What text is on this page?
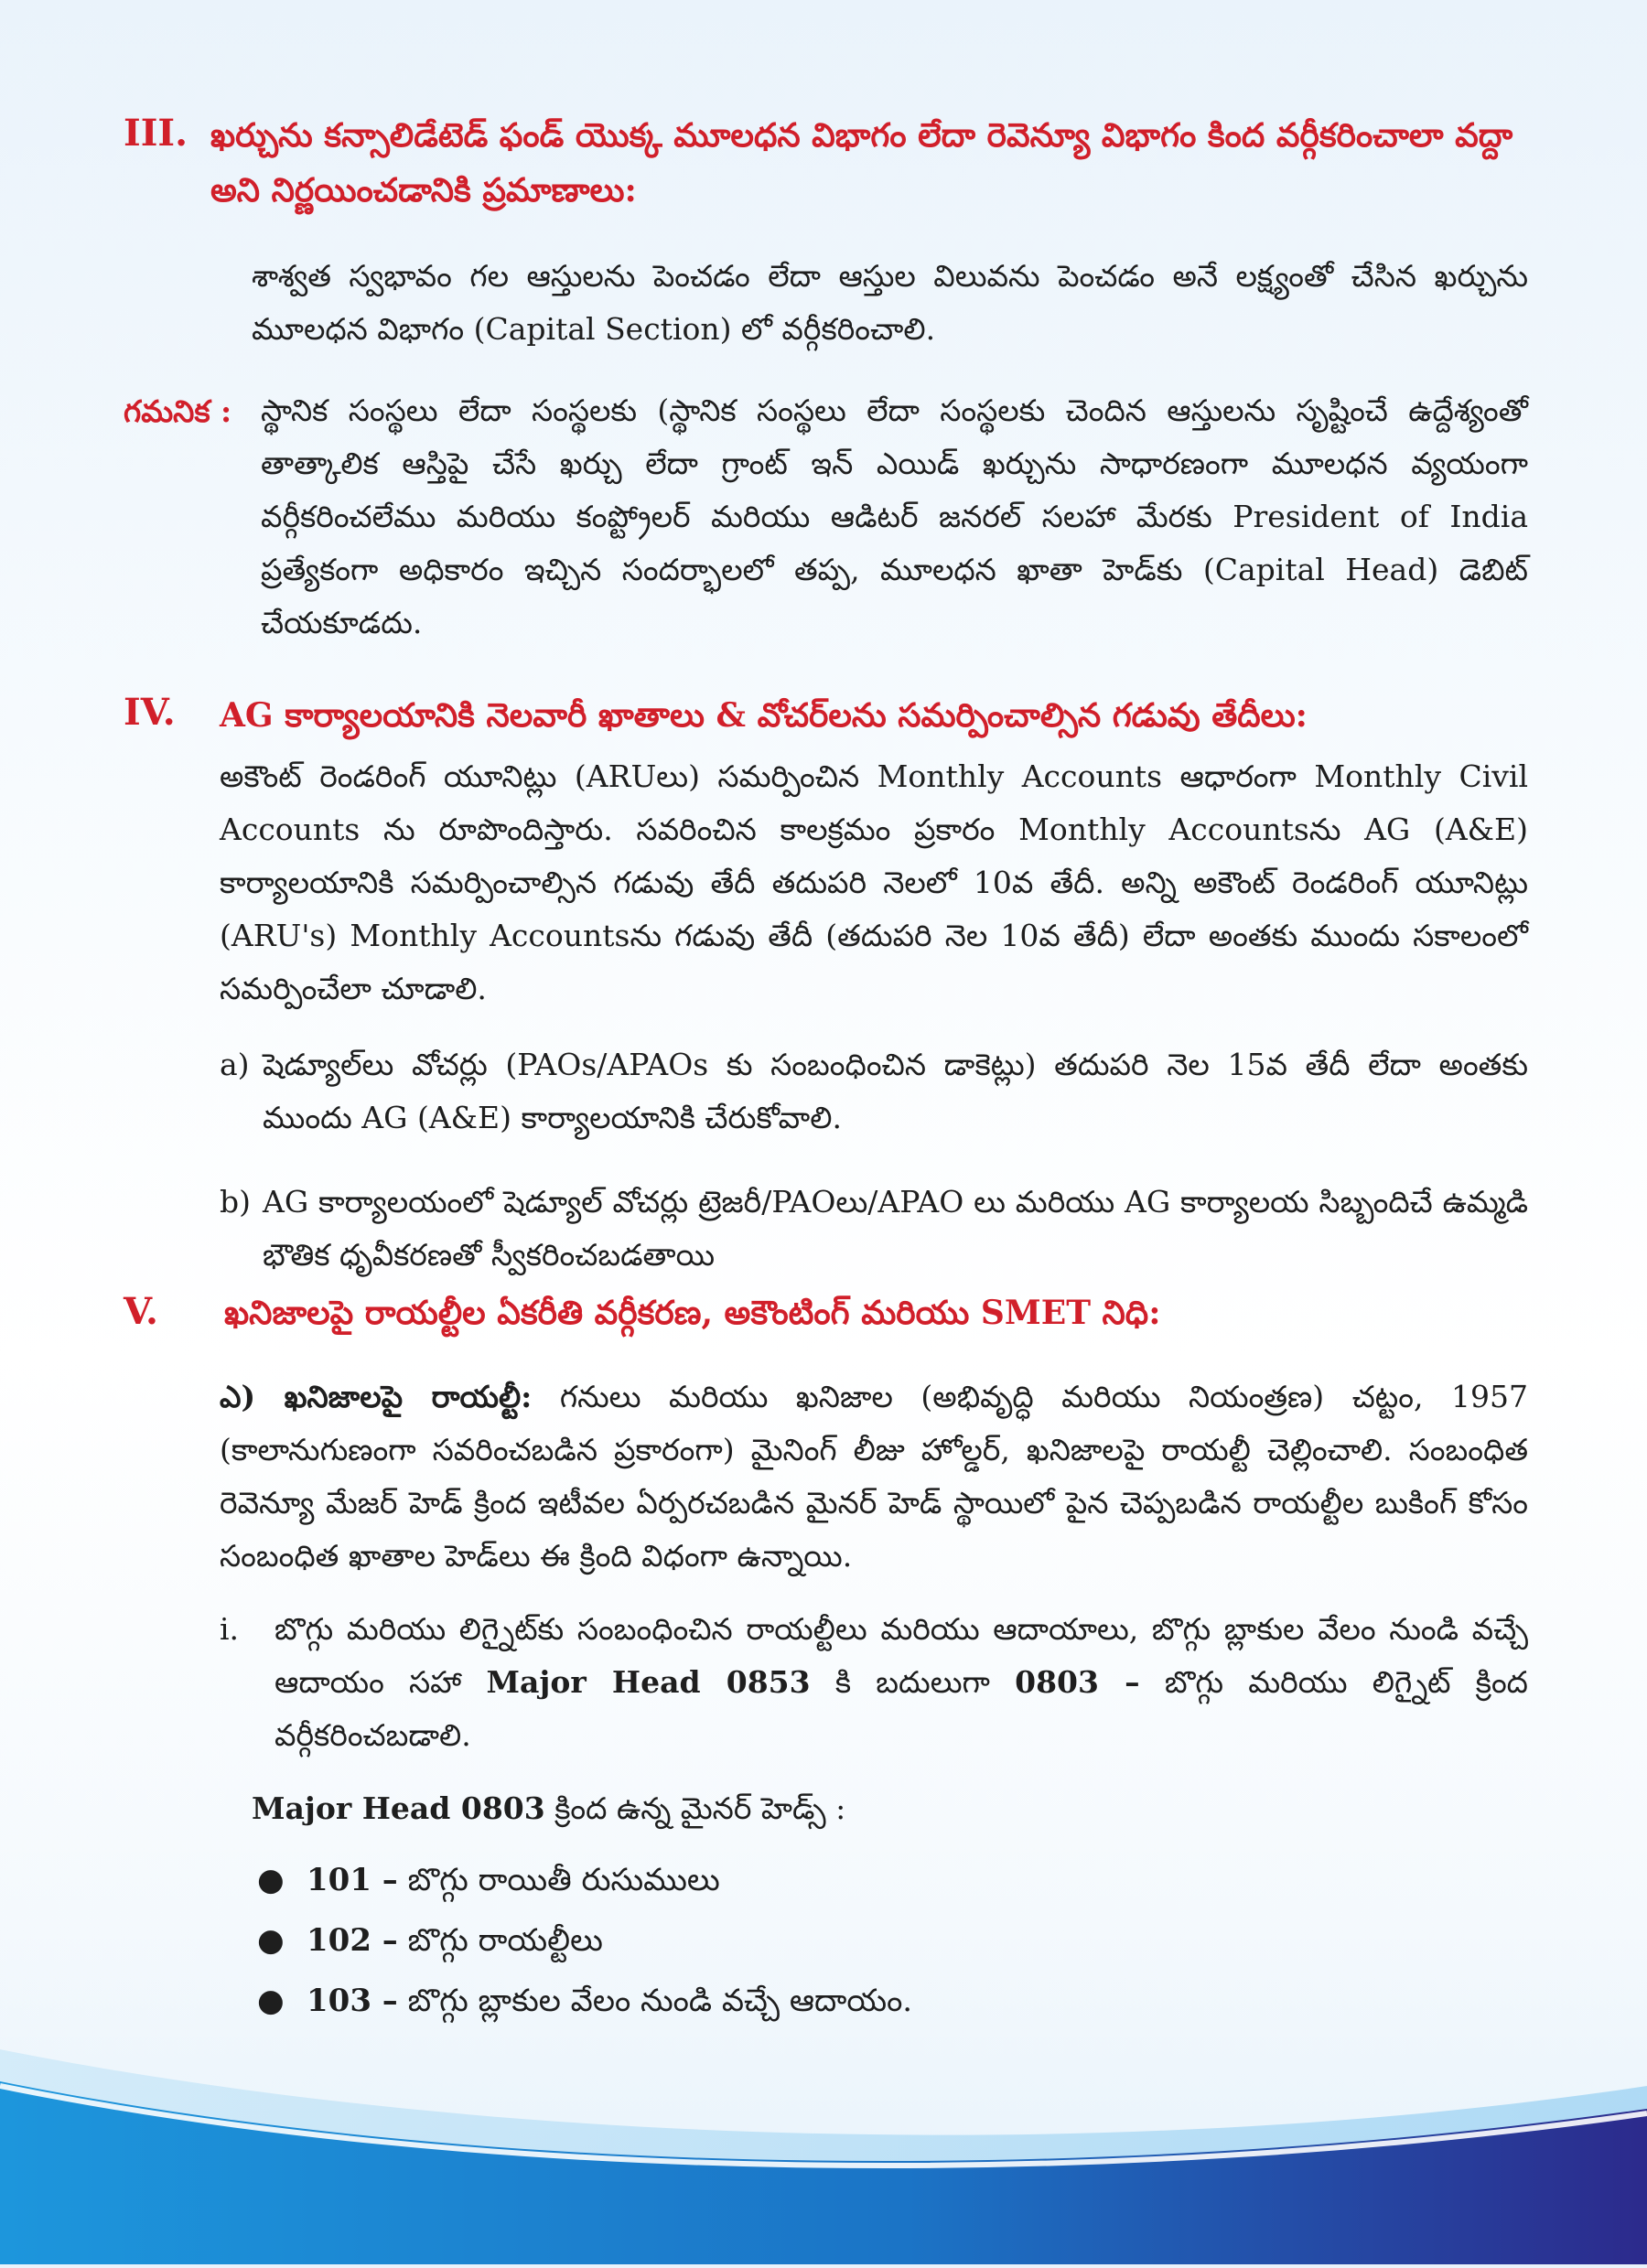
III. ఖర్చును కన్సాలిడేటెడ్ ఫండ్ యొక్క మూలధన విభాగం లేదా రెవెన్యూ విభాగం కింద వర్గీకరించాలా వద్దా అని నిర్ణయించడానికి ప్రమాణాలు:
శాశ్వత స్వభావం గల ఆస్తులను పెంచడం లేదా ఆస్తుల విలువను పెంచడం అనే లక్ష్యంతో చేసిన ఖర్చును మూలధన విభాగం (Capital Section) లో వర్గీకరించాలి.
గమనిక : స్థానిక సంస్థలు లేదా సంస్థలకు (స్థానిక సంస్థలు లేదా సంస్థలకు చెందిన ఆస్తులను సృష్టించే ఉద్దేశ్యంతో తాత్కాలిక ఆస్తిపై చేసే ఖర్చు లేదా గ్రాంట్ ఇన్ ఎయిడ్ ఖర్చును సాధారణంగా మూలధన వ్యయంగా వర్గీకరించలేము మరియు కంప్ట్రోలర్ మరియు ఆడిటర్ జనరల్ సలహా మేరకు President of India ప్రత్యేకంగా అధికారం ఇచ్చిన సందర్భాలలో తప్ప, మూలధన ఖాతా హెడ్‌కు (Capital Head) డెబిట్ చేయకూడదు.
IV. AG కార్యాలయానికి నెలవారీ ఖాతాలు & వోచర్‌లను సమర్పించాల్సిన గడువు తేదీలు:
అకౌంట్ రెండరింగ్ యూనిట్లు (ARUలు) సమర్పించిన Monthly Accounts ఆధారంగా Monthly Civil Accounts ను రూపొందిస్తారు. సవరించిన కాలక్రమం ప్రకారం Monthly Accountsను AG (A&E) కార్యాలయానికి సమర్పించాల్సిన గడువు తేదీ తదుపరి నెలలో 10వ తేదీ. అన్ని అకౌంట్ రెండరింగ్ యూనిట్లు (ARU's) Monthly Accountsను గడువు తేదీ (తదుపరి నెల 10వ తేదీ) లేదా అంతకు ముందు సకాలంలో సమర్పించేలా చూడాలి.
a) షెడ్యూల్‌లు వోచర్లు (PAOs/APAOs కు సంబంధించిన డాకెట్లు) తదుపరి నెల 15వ తేదీ లేదా అంతకు ముందు AG (A&E) కార్యాలయానికి చేరుకోవాలి.
b) AG కార్యాలయంలో షెడ్యూల్ వోచర్లు ట్రెజరీ/PAOలు/APAO లు మరియు AG కార్యాలయ సిబ్బందిచే ఉమ్మడి భౌతిక ధృవీకరణతో స్వీకరించబడతాయి
V. ఖనిజాలపై రాయల్టీల ఏకరీతి వర్గీకరణ, అకౌంటింగ్ మరియు SMET నిధి:
ఎ) ఖనిజాలపై రాయల్టీ: గనులు మరియు ఖనిజాల (అభివృద్ధి మరియు నియంత్రణ) చట్టం, 1957 (కాలానుగుణంగా సవరించబడిన ప్రకారంగా) మైనింగ్ లీజు హోల్డర్, ఖనిజాలపై రాయల్టీ చెల్లించాలి. సంబంధిత రెవెన్యూ మేజర్ హెడ్ క్రింద ఇటీవల ఏర్పరచబడిన మైనర్ హెడ్ స్థాయిలో పైన చెప్పబడిన రాయల్టీల బుకింగ్ కోసం సంబంధిత ఖాతాల హెడ్‌లు ఈ క్రింది విధంగా ఉన్నాయి.
i.	బొగ్గు మరియు లిగ్నైట్‌కు సంబంధించిన రాయల్టీలు మరియు ఆదాయాలు, బొగ్గు బ్లాకుల వేలం నుండి వచ్చే ఆదాయం సహా Major Head 0853 కి బదులుగా 0803 – బొగ్గు మరియు లిగ్నైట్ క్రింద వర్గీకరించబడాలి.
Major Head 0803 క్రింద ఉన్న మైనర్ హెడ్స్ :
● 101 – బొగ్గు రాయితీ రుసుములు
● 102 – బొగ్గు రాయల్టీలు
● 103 – బొగ్గు బ్లాకుల వేలం నుండి వచ్చే ఆదాయం.
